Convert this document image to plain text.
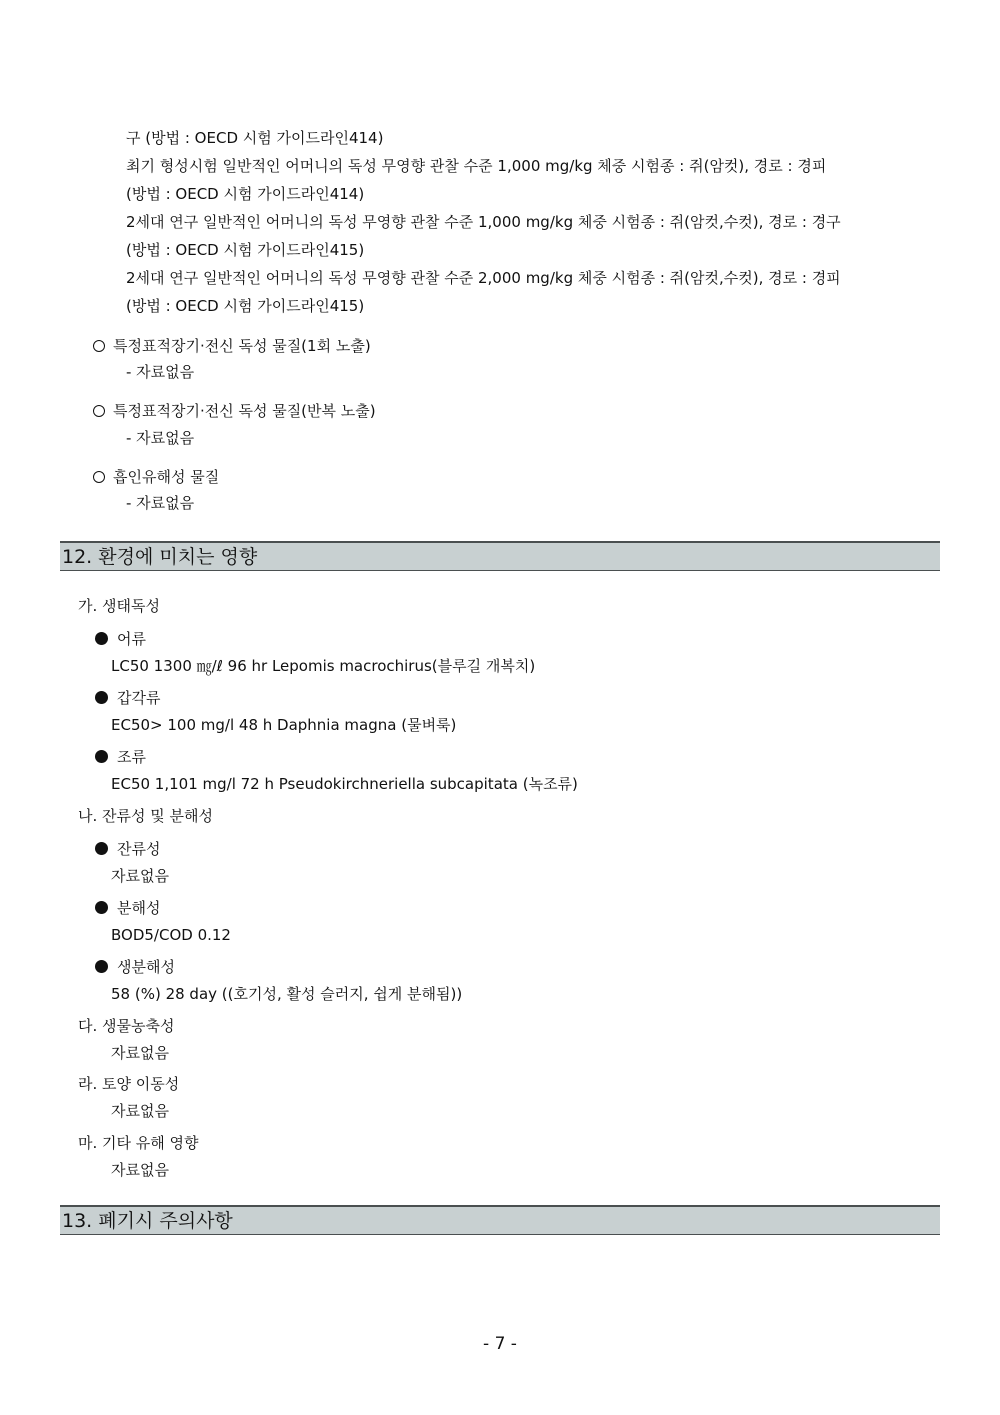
구 (방법 : OECD 시험 가이드라인414)
최기 형성시험 일반적인 어머니의 독성 무영향 관찰 수준 1,000 mg/kg 체중 시험종 : 쥐(암컷), 경로 : 경피
(방법 : OECD 시험 가이드라인414)
2세대 연구 일반적인 어머니의 독성 무영향 관찰 수준 1,000 mg/kg 체중 시험종 : 쥐(암컷,수컷), 경로 : 경구
(방법 : OECD 시험 가이드라인415)
2세대 연구 일반적인 어머니의 독성 무영향 관찰 수준 2,000 mg/kg 체중 시험종 : 쥐(암컷,수컷), 경로 : 경피
(방법 : OECD 시험 가이드라인415)
특정표적장기·전신 독성 물질(1회 노출)
- 자료없음
특정표적장기·전신 독성 물질(반복 노출)
- 자료없음
흡인유해성 물질
- 자료없음
12. 환경에 미치는 영향
가. 생태독성
어류
LC50 1300 ㎎/ℓ 96 hr Lepomis macrochirus(블루길 개복치)
갑각류
EC50> 100 mg/l 48 h Daphnia magna (물벼룩)
조류
EC50 1,101 mg/l 72 h Pseudokirchneriella subcapitata (녹조류)
나. 잔류성 및 분해성
잔류성
자료없음
분해성
BOD5/COD 0.12
생분해성
58 (%) 28 day ((호기성, 활성 슬러지, 쉽게 분해됨))
다. 생물농축성
자료없음
라. 토양 이동성
자료없음
마. 기타 유해 영향
자료없음
13. 폐기시 주의사항
- 7 -
